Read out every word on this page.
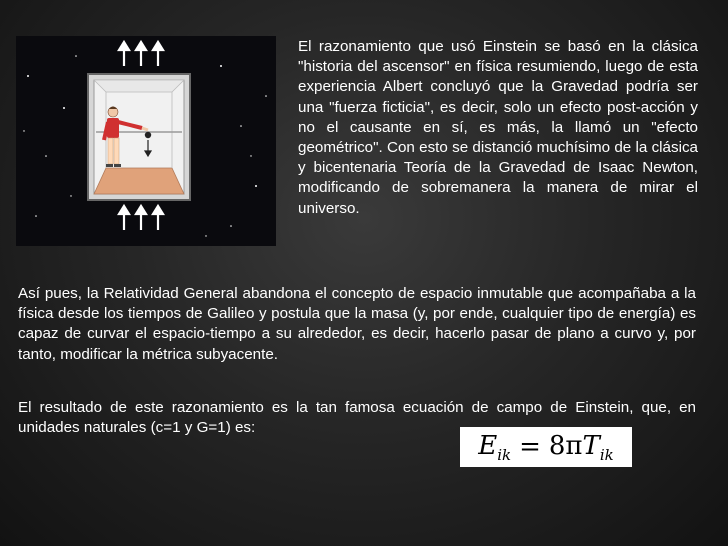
El razonamiento que usó Einstein se basó en la clásica "historia del ascensor" en física resumiendo, luego de esta experiencia Albert concluyó que la Gravedad podría ser una "fuerza ficticia", es decir, solo un efecto post-acción y no el causante en sí, es más, la llamó un "efecto geométrico". Con esto se distanció muchísimo de la clásica y bicentenaria Teoría de la Gravedad de Isaac Newton, modificando de sobremanera la manera de mirar el universo.

Así pues, la Relatividad General abandona el concepto de espacio inmutable que acompañaba a la física desde los tiempos de Galileo y postula que la masa (y, por ende, cualquier tipo de energía) es capaz de curvar el espacio-tiempo a su alrededor, es decir, hacerlo pasar de plano a curvo y, por tanto, modificar la métrica subyacente.

El resultado de este razonamiento es la tan famosa ecuación de campo de Einstein, que, en unidades naturales (c=1 y G=1) es:

$E_{ik} = 8\pi T_{ik}$
